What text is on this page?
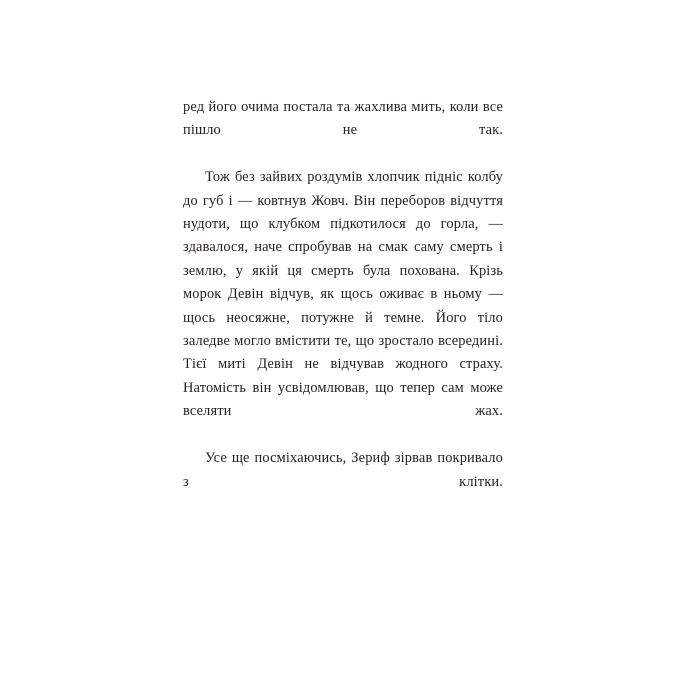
ред його очима постала та жахлива мить, коли все пішло не так.

Тож без зайвих роздумів хлопчик підніс колбу до губ і — ковтнув Жовч. Він переборов відчуття нудоти, що клубком підкотилося до горла, — здавалося, наче спробував на смак саму смерть і землю, у якій ця смерть була похована. Крізь морок Девін відчув, як щось оживає в ньому — щось неосяжне, потужне й темне. Його тіло заледве могло вмістити те, що зростало всередині. Тієї миті Девін не відчував жодного страху. Натомість він усвідомлював, що тепер сам може вселяти жах.

Усе ще посміхаючись, Зериф зірвав покривало з клітки.
